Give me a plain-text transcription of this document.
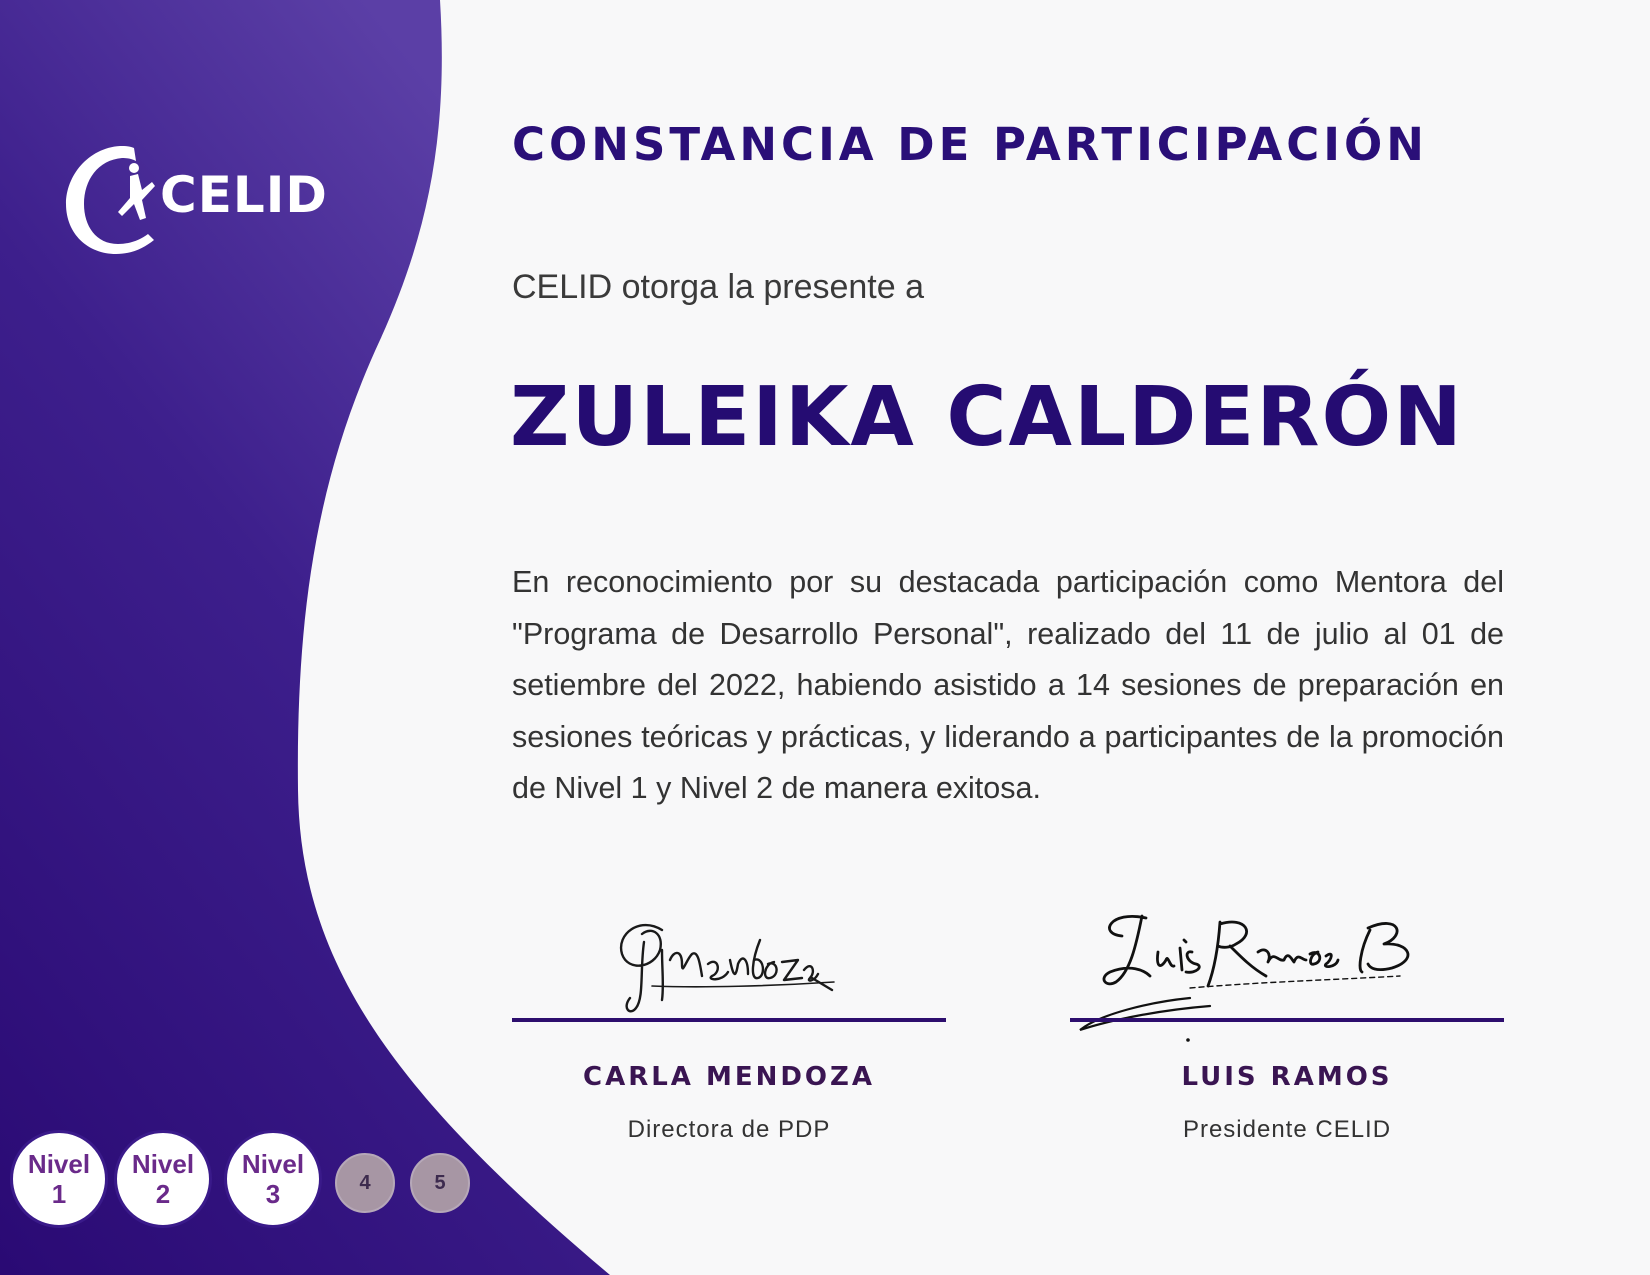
CELID
CONSTANCIA DE PARTICIPACIÓN
CELID otorga la presente a
ZULEIKA CALDERÓN

En reconocimiento por su destacada participación como Mentora del "Programa de Desarrollo Personal", realizado del 11 de julio al 01 de setiembre del 2022, habiendo asistido a 14 sesiones de preparación en sesiones teóricas y prácticas, y liderando a participantes de la promoción de Nivel 1 y Nivel 2 de manera exitosa.

CARLA MENDOZA
Directora de PDP
LUIS RAMOS
Presidente CELID
Nivel
1
Nivel
2
Nivel
3	4	5
